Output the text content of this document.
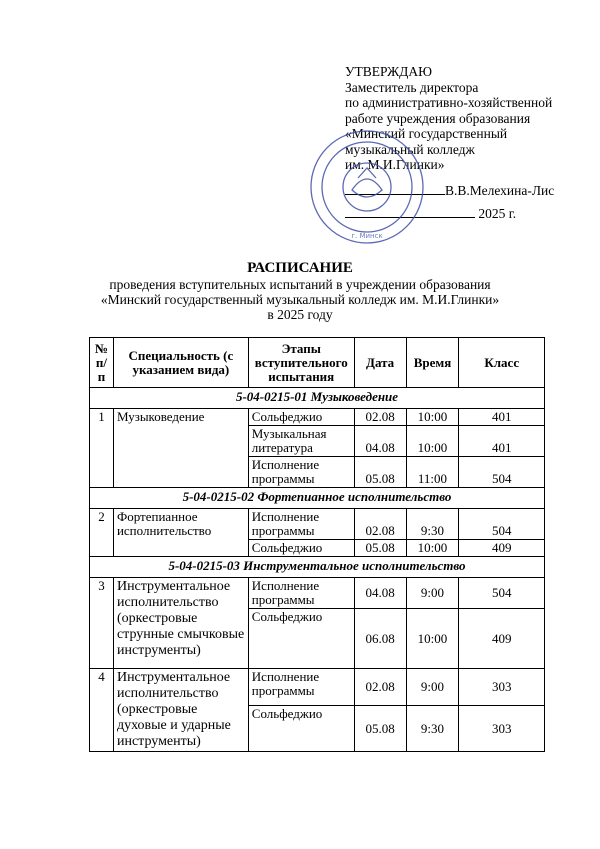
УТВЕРЖДАЮ
Заместитель директора
по административно-хозяйственной
работе учреждения образования
«Минский государственный
музыкальный колледж
им. М.И.Глинки»
В.В.Мелехина-Лис
2025 г.
г. Минск
РАСПИСАНИЕ
проведения вступительных испытаний в учреждении образования
«Минский государственный музыкальный колледж им. М.И.Глинки»
в 2025 году
№ п/п	Специальность (с указанием вида)	Этапы вступительного испытания	Дата	Время	Класс
5-04-0215-01 Музыковедение					
1	Музыковедение	Сольфеджио	02.08	10:00	401
		Музыкальная литература	04.08	10:00	401
		Исполнение программы	05.08	11:00	504
5-04-0215-02 Фортепианное исполнительство					
2	Фортепианное исполнительство	Исполнение программы	02.08	9:30	504
		Сольфеджио	05.08	10:00	409
5-04-0215-03 Инструментальное исполнительство					
3	Инструментальное исполнительство (оркестровые струнные смычковые инструменты)	Исполнение программы	04.08	9:00	504
		Сольфеджио	06.08	10:00	409
4	Инструментальное исполнительство (оркестровые духовые и ударные инструменты)	Исполнение программы	02.08	9:00	303
		Сольфеджио	05.08	9:30	303
